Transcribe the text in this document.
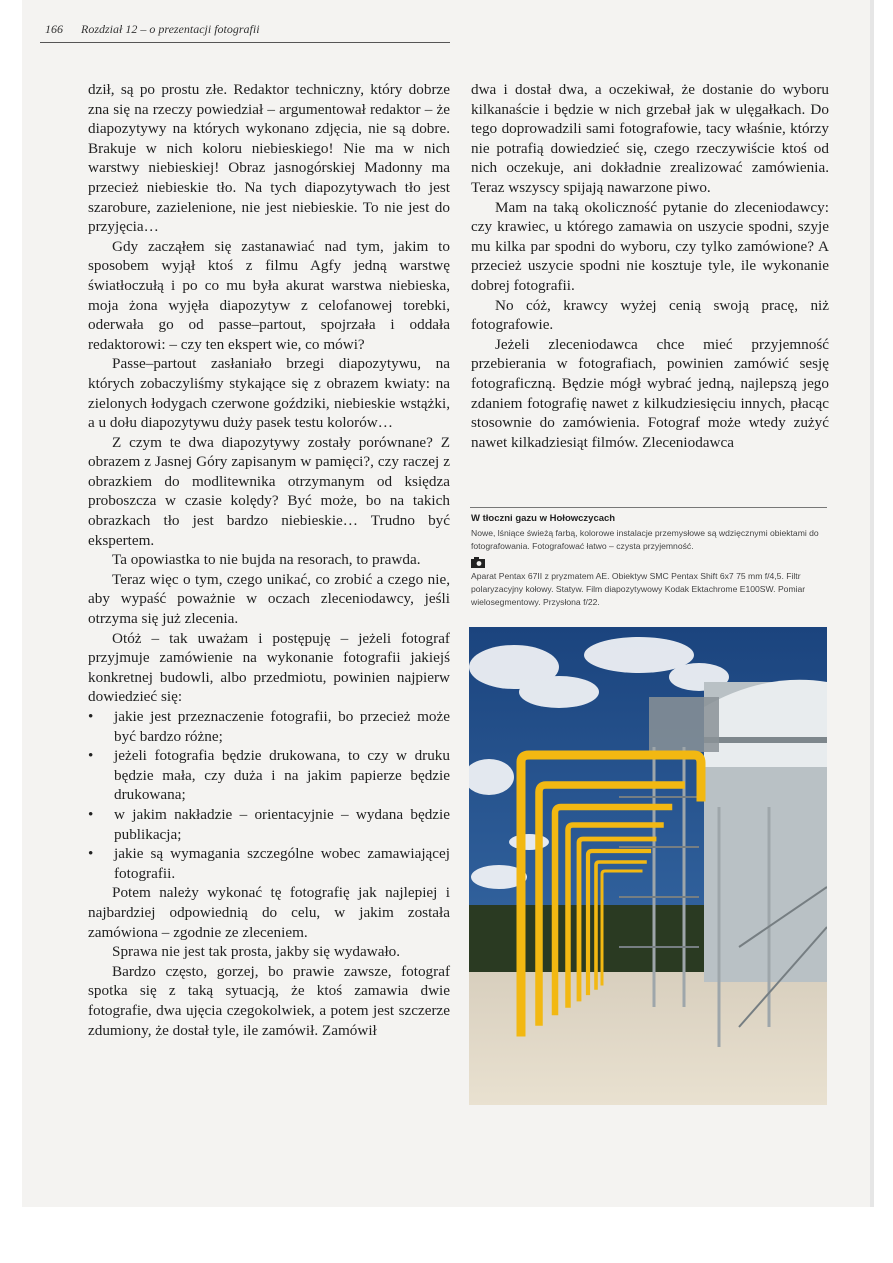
166 Rozdział 12 – o prezentacji fotografii

dził, są po prostu złe. Redaktor techniczny, który dobrze zna się na rzeczy powiedział – argumentował redaktor – że diapozytywy na których wykonano zdjęcia, nie są dobre. Brakuje w nich koloru niebieskiego! Nie ma w nich warstwy niebieskiej! Obraz jasnogórskiej Madonny ma przecież niebieskie tło. Na tych diapozytywach tło jest szarobure, zazielenione, nie jest niebieskie. To nie jest do przyjęcia…

Gdy zacząłem się zastanawiać nad tym, jakim to sposobem wyjął ktoś z filmu Agfy jedną warstwę światłoczułą i po co mu była akurat warstwa niebieska, moja żona wyjęła diapozytyw z celofanowej torebki, oderwała go od passe–partout, spojrzała i oddała redaktorowi: – czy ten ekspert wie, co mówi?

Passe–partout zasłaniało brzegi diapozytywu, na których zobaczyliśmy stykające się z obrazem kwiaty: na zielonych łodygach czerwone goździki, niebieskie wstążki, a u dołu diapozytywu duży pasek testu kolorów…

Z czym te dwa diapozytywy zostały porównane? Z obrazem z Jasnej Góry zapisanym w pamięci?, czy raczej z obrazkiem do modlitewnika otrzymanym od księdza proboszcza w czasie kolędy? Być może, bo na takich obrazkach tło jest bardzo niebieskie… Trudno być ekspertem.

Ta opowiastka to nie bujda na resorach, to prawda.

Teraz więc o tym, czego unikać, co zrobić a czego nie, aby wypaść poważnie w oczach zleceniodawcy, jeśli otrzyma się już zlecenia.

Otóż – tak uważam i postępuję – jeżeli fotograf przyjmuje zamówienie na wykonanie fotografii jakiejś konkretnej budowli, albo przedmiotu, powinien najpierw dowiedzieć się:

• jakie jest przeznaczenie fotografii, bo przecież może być bardzo różne;
• jeżeli fotografia będzie drukowana, to czy w druku będzie mała, czy duża i na jakim papierze będzie drukowana;
• w jakim nakładzie – orientacyjnie – wydana będzie publikacja;
• jakie są wymagania szczególne wobec zamawiającej fotografii.

Potem należy wykonać tę fotografię jak najlepiej i najbardziej odpowiednią do celu, w jakim została zamówiona – zgodnie ze zleceniem.

Sprawa nie jest tak prosta, jakby się wydawało.

Bardzo często, gorzej, bo prawie zawsze, fotograf spotka się z taką sytuacją, że ktoś zamawia dwie fotografie, dwa ujęcia czegokolwiek, a potem jest szczerze zdumiony, że dostał tyle, ile zamówił. Zamówił

dwa i dostał dwa, a oczekiwał, że dostanie do wyboru kilkanaście i będzie w nich grzebał jak w ulęgałkach. Do tego doprowadzili sami fotografowie, tacy właśnie, którzy nie potrafią dowiedzieć się, czego rzeczywiście ktoś od nich oczekuje, ani dokładnie zrealizować zamówienia. Teraz wszyscy spijają nawarzone piwo.

Mam na taką okoliczność pytanie do zleceniodawcy: czy krawiec, u którego zamawia on uszycie spodni, szyje mu kilka par spodni do wyboru, czy tylko zamówione? A przecież uszycie spodni nie kosztuje tyle, ile wykonanie dobrej fotografii.

No cóż, krawcy wyżej cenią swoją pracę, niż fotografowie.

Jeżeli zleceniodawca chce mieć przyjemność przebierania w fotografiach, powinien zamówić sesję fotograficzną. Będzie mógł wybrać jedną, najlepszą jego zdaniem fotografię nawet z kilkudziesięciu innych, płacąc stosownie do zamówienia. Fotograf może wtedy zużyć nawet kilkadziesiąt filmów. Zleceniodawca

W tłoczni gazu w Hołowczycach
Nowe, lśniące świeżą farbą, kolorowe instalacje przemysłowe są wdzięcznymi obiektami do fotografowania. Fotografować łatwo – czysta przyjemność.
Aparat Pentax 67II z pryzmatem AE. Obiektyw SMC Pentax Shift 6x7 75 mm f/4,5. Filtr polaryzacyjny kołowy. Statyw. Film diapozytywowy Kodak Ektachrome E100SW. Pomiar wielosegmentowy. Przysłona f/22.
